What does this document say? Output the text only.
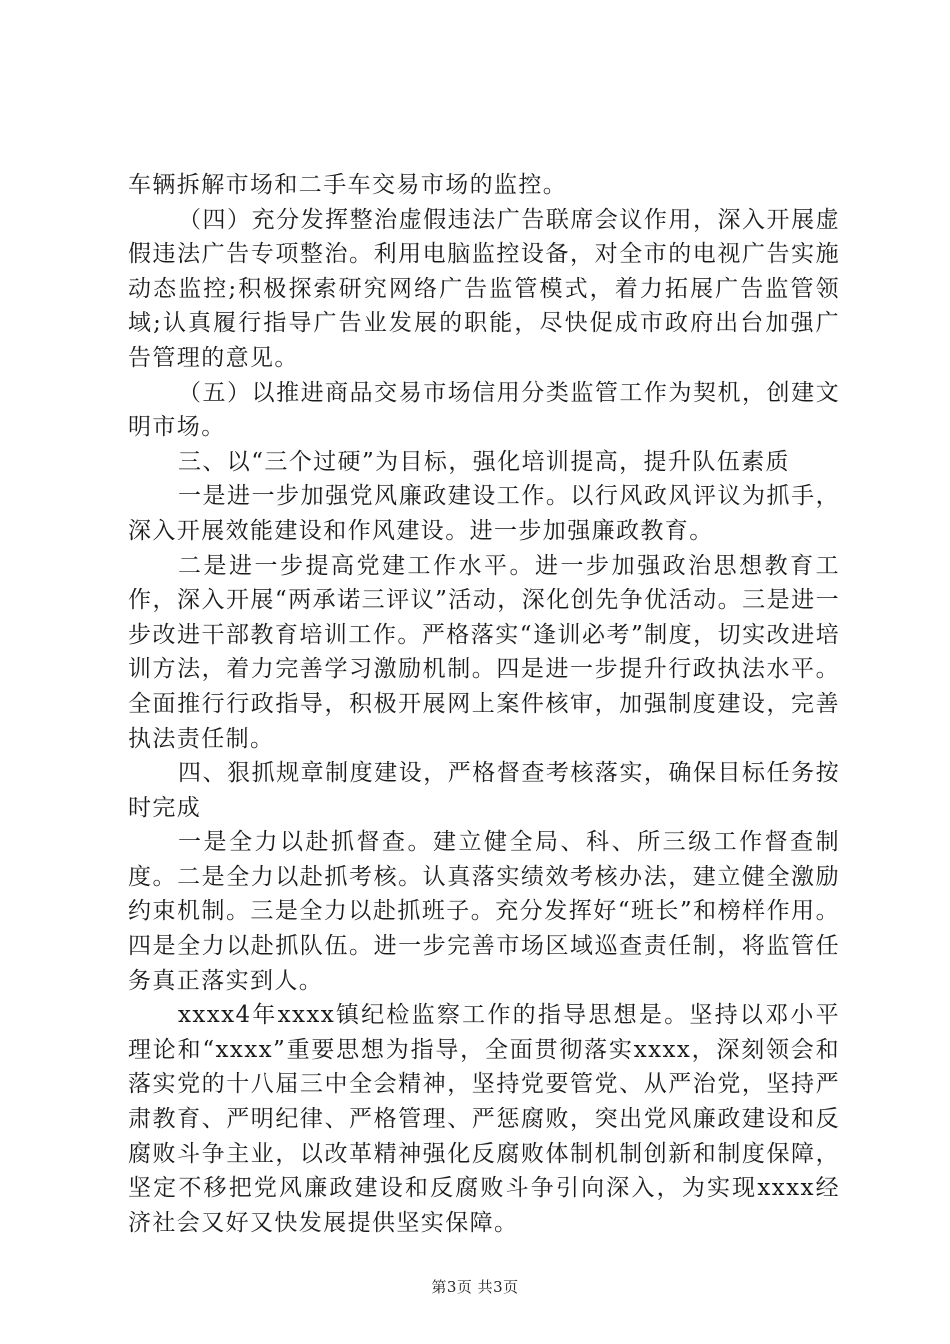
车辆拆解市场和二手车交易市场的监控。

（四）充分发挥整治虚假违法广告联席会议作用，深入开展虚假违法广告专项整治。利用电脑监控设备，对全市的电视广告实施动态监控;积极探索研究网络广告监管模式，着力拓展广告监管领域;认真履行指导广告业发展的职能，尽快促成市政府出台加强广告管理的意见。

（五）以推进商品交易市场信用分类监管工作为契机，创建文明市场。

三、以“三个过硬”为目标，强化培训提高，提升队伍素质

一是进一步加强党风廉政建设工作。以行风政风评议为抓手，深入开展效能建设和作风建设。进一步加强廉政教育。

二是进一步提高党建工作水平。进一步加强政治思想教育工作，深入开展“两承诺三评议”活动，深化创先争优活动。三是进一步改进干部教育培训工作。严格落实“逢训必考”制度，切实改进培训方法，着力完善学习激励机制。四是进一步提升行政执法水平。全面推行行政指导，积极开展网上案件核审，加强制度建设，完善执法责任制。

四、狠抓规章制度建设，严格督查考核落实，确保目标任务按时完成

一是全力以赴抓督查。建立健全局、科、所三级工作督查制度。二是全力以赴抓考核。认真落实绩效考核办法，建立健全激励约束机制。三是全力以赴抓班子。充分发挥好“班长”和榜样作用。四是全力以赴抓队伍。进一步完善市场区域巡查责任制，将监管任务真正落实到人。

xxxx4年xxxx镇纪检监察工作的指导思想是。坚持以邓小平理论和“xxxx”重要思想为指导，全面贯彻落实xxxx，深刻领会和落实党的十八届三中全会精神，坚持党要管党、从严治党，坚持严肃教育、严明纪律、严格管理、严惩腐败，突出党风廉政建设和反腐败斗争主业，以改革精神强化反腐败体制机制创新和制度保障，坚定不移把党风廉政建设和反腐败斗争引向深入，为实现xxxx经济社会又好又快发展提供坚实保障。

第3页 共3页
